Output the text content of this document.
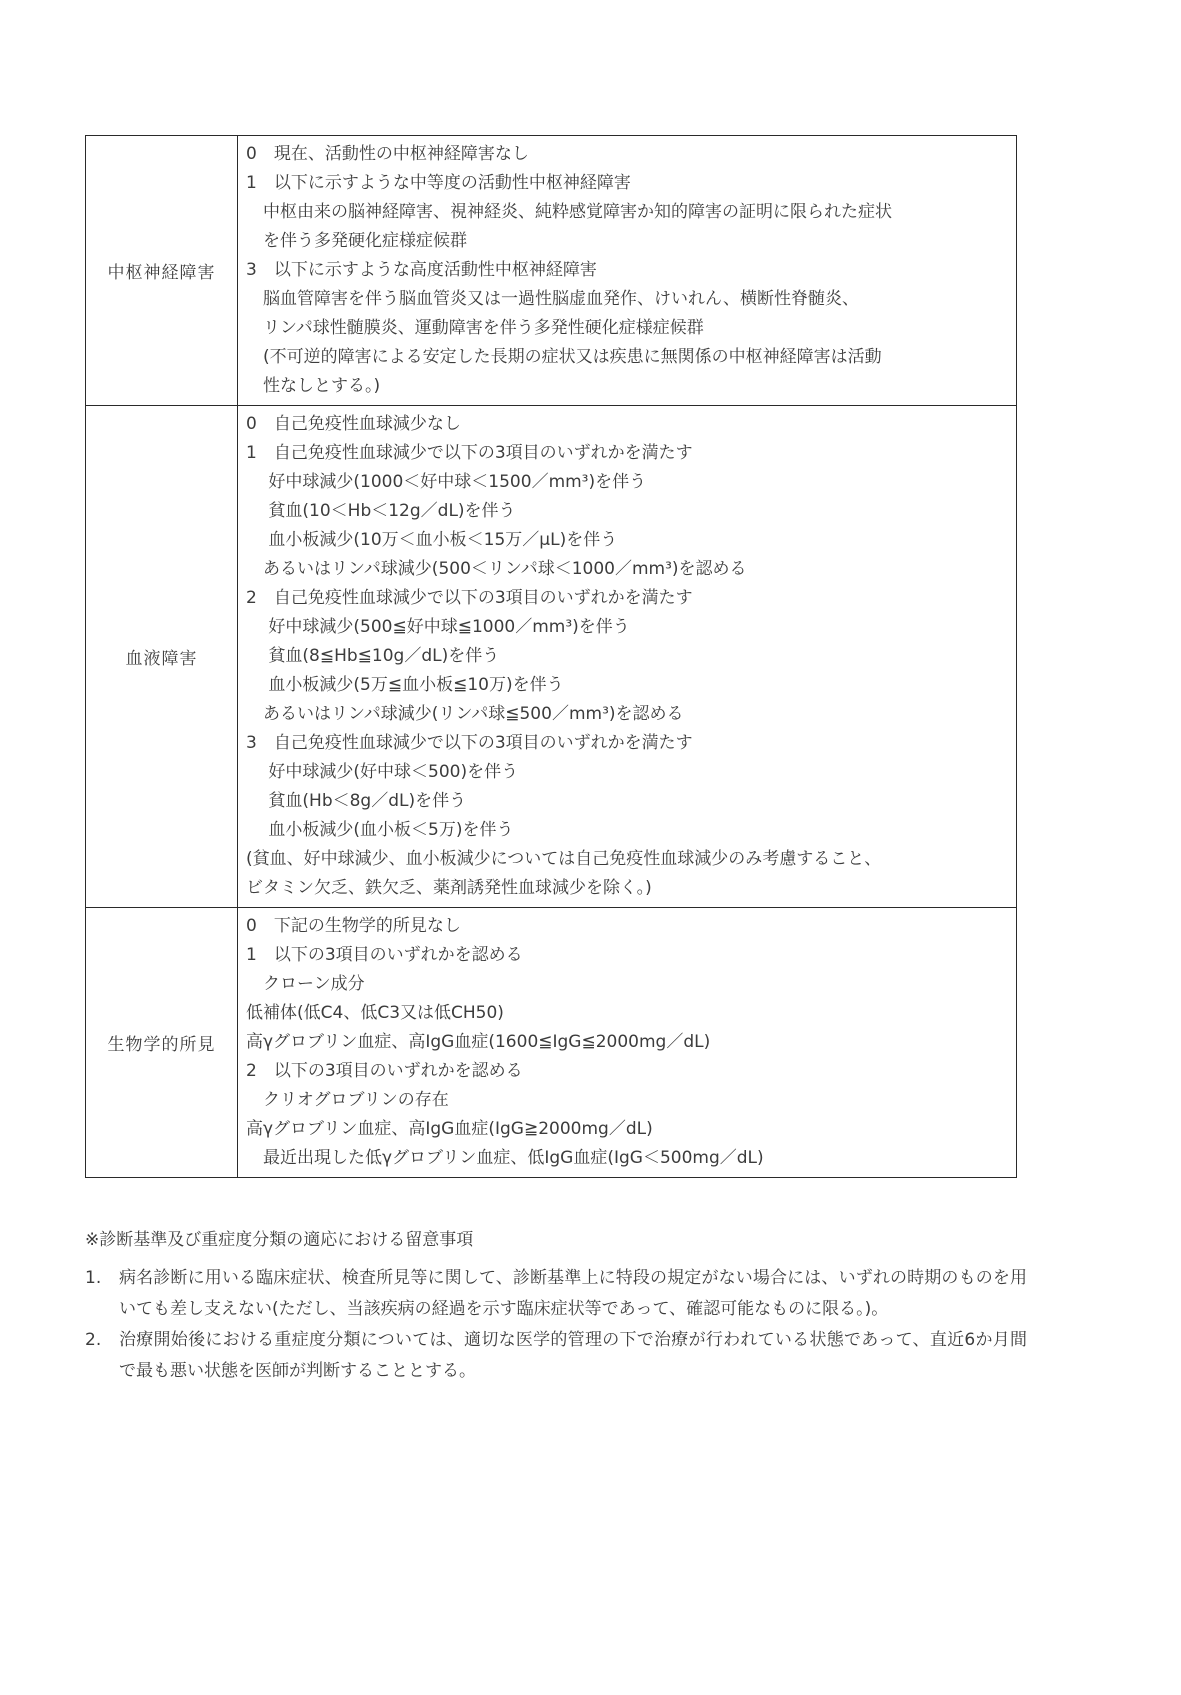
中枢神経障害	
0　現在、活動性の中枢神経障害なし
1　以下に示すような中等度の活動性中枢神経障害
　中枢由来の脳神経障害、視神経炎、純粋感覚障害か知的障害の証明に限られた症状
　を伴う多発硬化症様症候群
3　以下に示すような高度活動性中枢神経障害
　脳血管障害を伴う脳血管炎又は一過性脳虚血発作、けいれん、横断性脊髄炎、
　リンパ球性髄膜炎、運動障害を伴う多発性硬化症様症候群
　(不可逆的障害による安定した長期の症状又は疾患に無関係の中枢神経障害は活動
　性なしとする。)

血液障害	
0　自己免疫性血球減少なし
1　自己免疫性血球減少で以下の3項目のいずれかを満たす
　 好中球減少(1000＜好中球＜1500／mm³)を伴う
　 貧血(10＜Hb＜12g／dL)を伴う
　 血小板減少(10万＜血小板＜15万／μL)を伴う
　あるいはリンパ球減少(500＜リンパ球＜1000／mm³)を認める
2　自己免疫性血球減少で以下の3項目のいずれかを満たす
　 好中球減少(500≦好中球≦1000／mm³)を伴う
　 貧血(8≦Hb≦10g／dL)を伴う
　 血小板減少(5万≦血小板≦10万)を伴う
　あるいはリンパ球減少(リンパ球≦500／mm³)を認める
3　自己免疫性血球減少で以下の3項目のいずれかを満たす
　 好中球減少(好中球＜500)を伴う
　 貧血(Hb＜8g／dL)を伴う
　 血小板減少(血小板＜5万)を伴う
(貧血、好中球減少、血小板減少については自己免疫性血球減少のみ考慮すること、
ビタミン欠乏、鉄欠乏、薬剤誘発性血球減少を除く。)

生物学的所見	
0　下記の生物学的所見なし
1　以下の3項目のいずれかを認める
　クローン成分
低補体(低C4、低C3又は低CH50)
高γグロブリン血症、高IgG血症(1600≦IgG≦2000mg／dL)
2　以下の3項目のいずれかを認める
　クリオグロブリンの存在
高γグロブリン血症、高IgG血症(IgG≧2000mg／dL)
　最近出現した低γグロブリン血症、低IgG血症(IgG＜500mg／dL)
※診断基準及び重症度分類の適応における留意事項
1.	病名診断に用いる臨床症状、検査所見等に関して、診断基準上に特段の規定がない場合には、いずれの時期のものを用いても差し支えない(ただし、当該疾病の経過を示す臨床症状等であって、確認可能なものに限る。)。
2.	治療開始後における重症度分類については、適切な医学的管理の下で治療が行われている状態であって、直近6か月間で最も悪い状態を医師が判断することとする。
